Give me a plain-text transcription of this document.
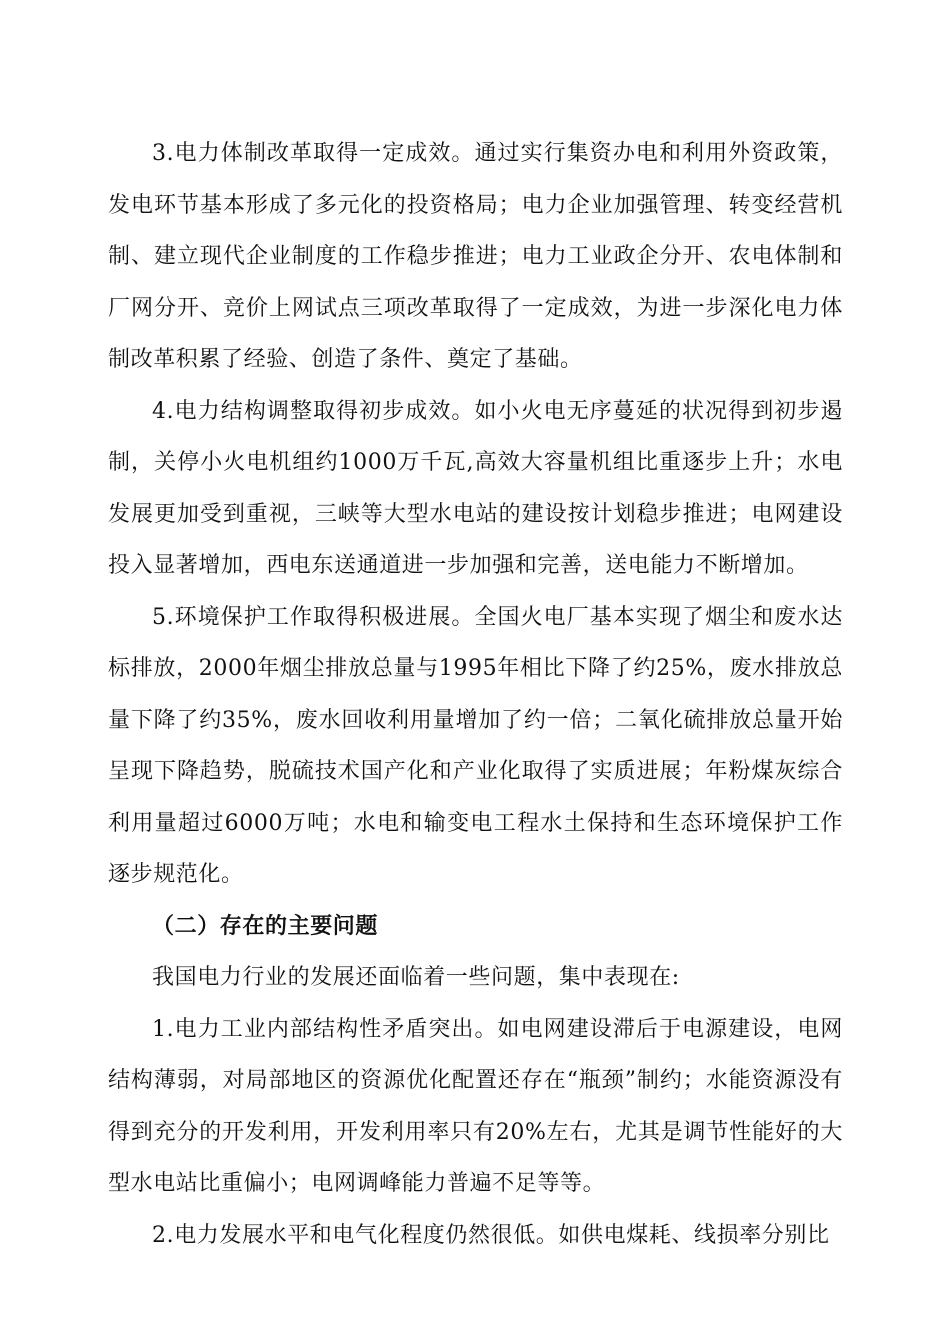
3.电力体制改革取得一定成效。通过实行集资办电和利用外资政策，发电环节基本形成了多元化的投资格局；电力企业加强管理、转变经营机制、建立现代企业制度的工作稳步推进；电力工业政企分开、农电体制和厂网分开、竞价上网试点三项改革取得了一定成效，为进一步深化电力体制改革积累了经验、创造了条件、奠定了基础。

4.电力结构调整取得初步成效。如小火电无序蔓延的状况得到初步遏制，关停小火电机组约1000万千瓦,高效大容量机组比重逐步上升；水电发展更加受到重视，三峡等大型水电站的建设按计划稳步推进；电网建设投入显著增加，西电东送通道进一步加强和完善，送电能力不断增加。

5.环境保护工作取得积极进展。全国火电厂基本实现了烟尘和废水达标排放，2000年烟尘排放总量与1995年相比下降了约25%，废水排放总量下降了约35%，废水回收利用量增加了约一倍；二氧化硫排放总量开始呈现下降趋势，脱硫技术国产化和产业化取得了实质进展；年粉煤灰综合利用量超过6000万吨；水电和输变电工程水土保持和生态环境保护工作逐步规范化。

（二）存在的主要问题

我国电力行业的发展还面临着一些问题，集中表现在:

1.电力工业内部结构性矛盾突出。如电网建设滞后于电源建设，电网结构薄弱，对局部地区的资源优化配置还存在“瓶颈”制约；水能资源没有得到充分的开发利用，开发利用率只有20%左右，尤其是调节性能好的大型水电站比重偏小；电网调峰能力普遍不足等等。

2.电力发展水平和电气化程度仍然很低。如供电煤耗、线损率分别比
